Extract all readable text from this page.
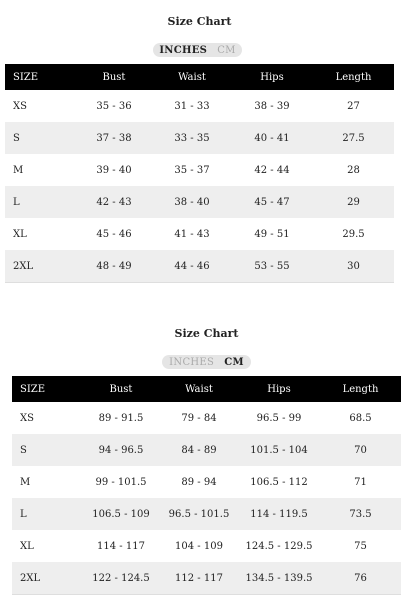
Size Chart
INCHES CM
SIZE	Bust	Waist	Hips	Length
XS	35 - 36	31 - 33	38 - 39	27
S	37 - 38	33 - 35	40 - 41	27.5
M	39 - 40	35 - 37	42 - 44	28
L	42 - 43	38 - 40	45 - 47	29
XL	45 - 46	41 - 43	49 - 51	29.5
2XL	48 - 49	44 - 46	53 - 55	30
Size Chart
INCHES CM
SIZE	Bust	Waist	Hips	Length
XS	89 - 91.5	79 - 84	96.5 - 99	68.5
S	94 - 96.5	84 - 89	101.5 - 104	70
M	99 - 101.5	89 - 94	106.5 - 112	71
L	106.5 - 109	96.5 - 101.5	114 - 119.5	73.5
XL	114 - 117	104 - 109	124.5 - 129.5	75
2XL	122 - 124.5	112 - 117	134.5 - 139.5	76
